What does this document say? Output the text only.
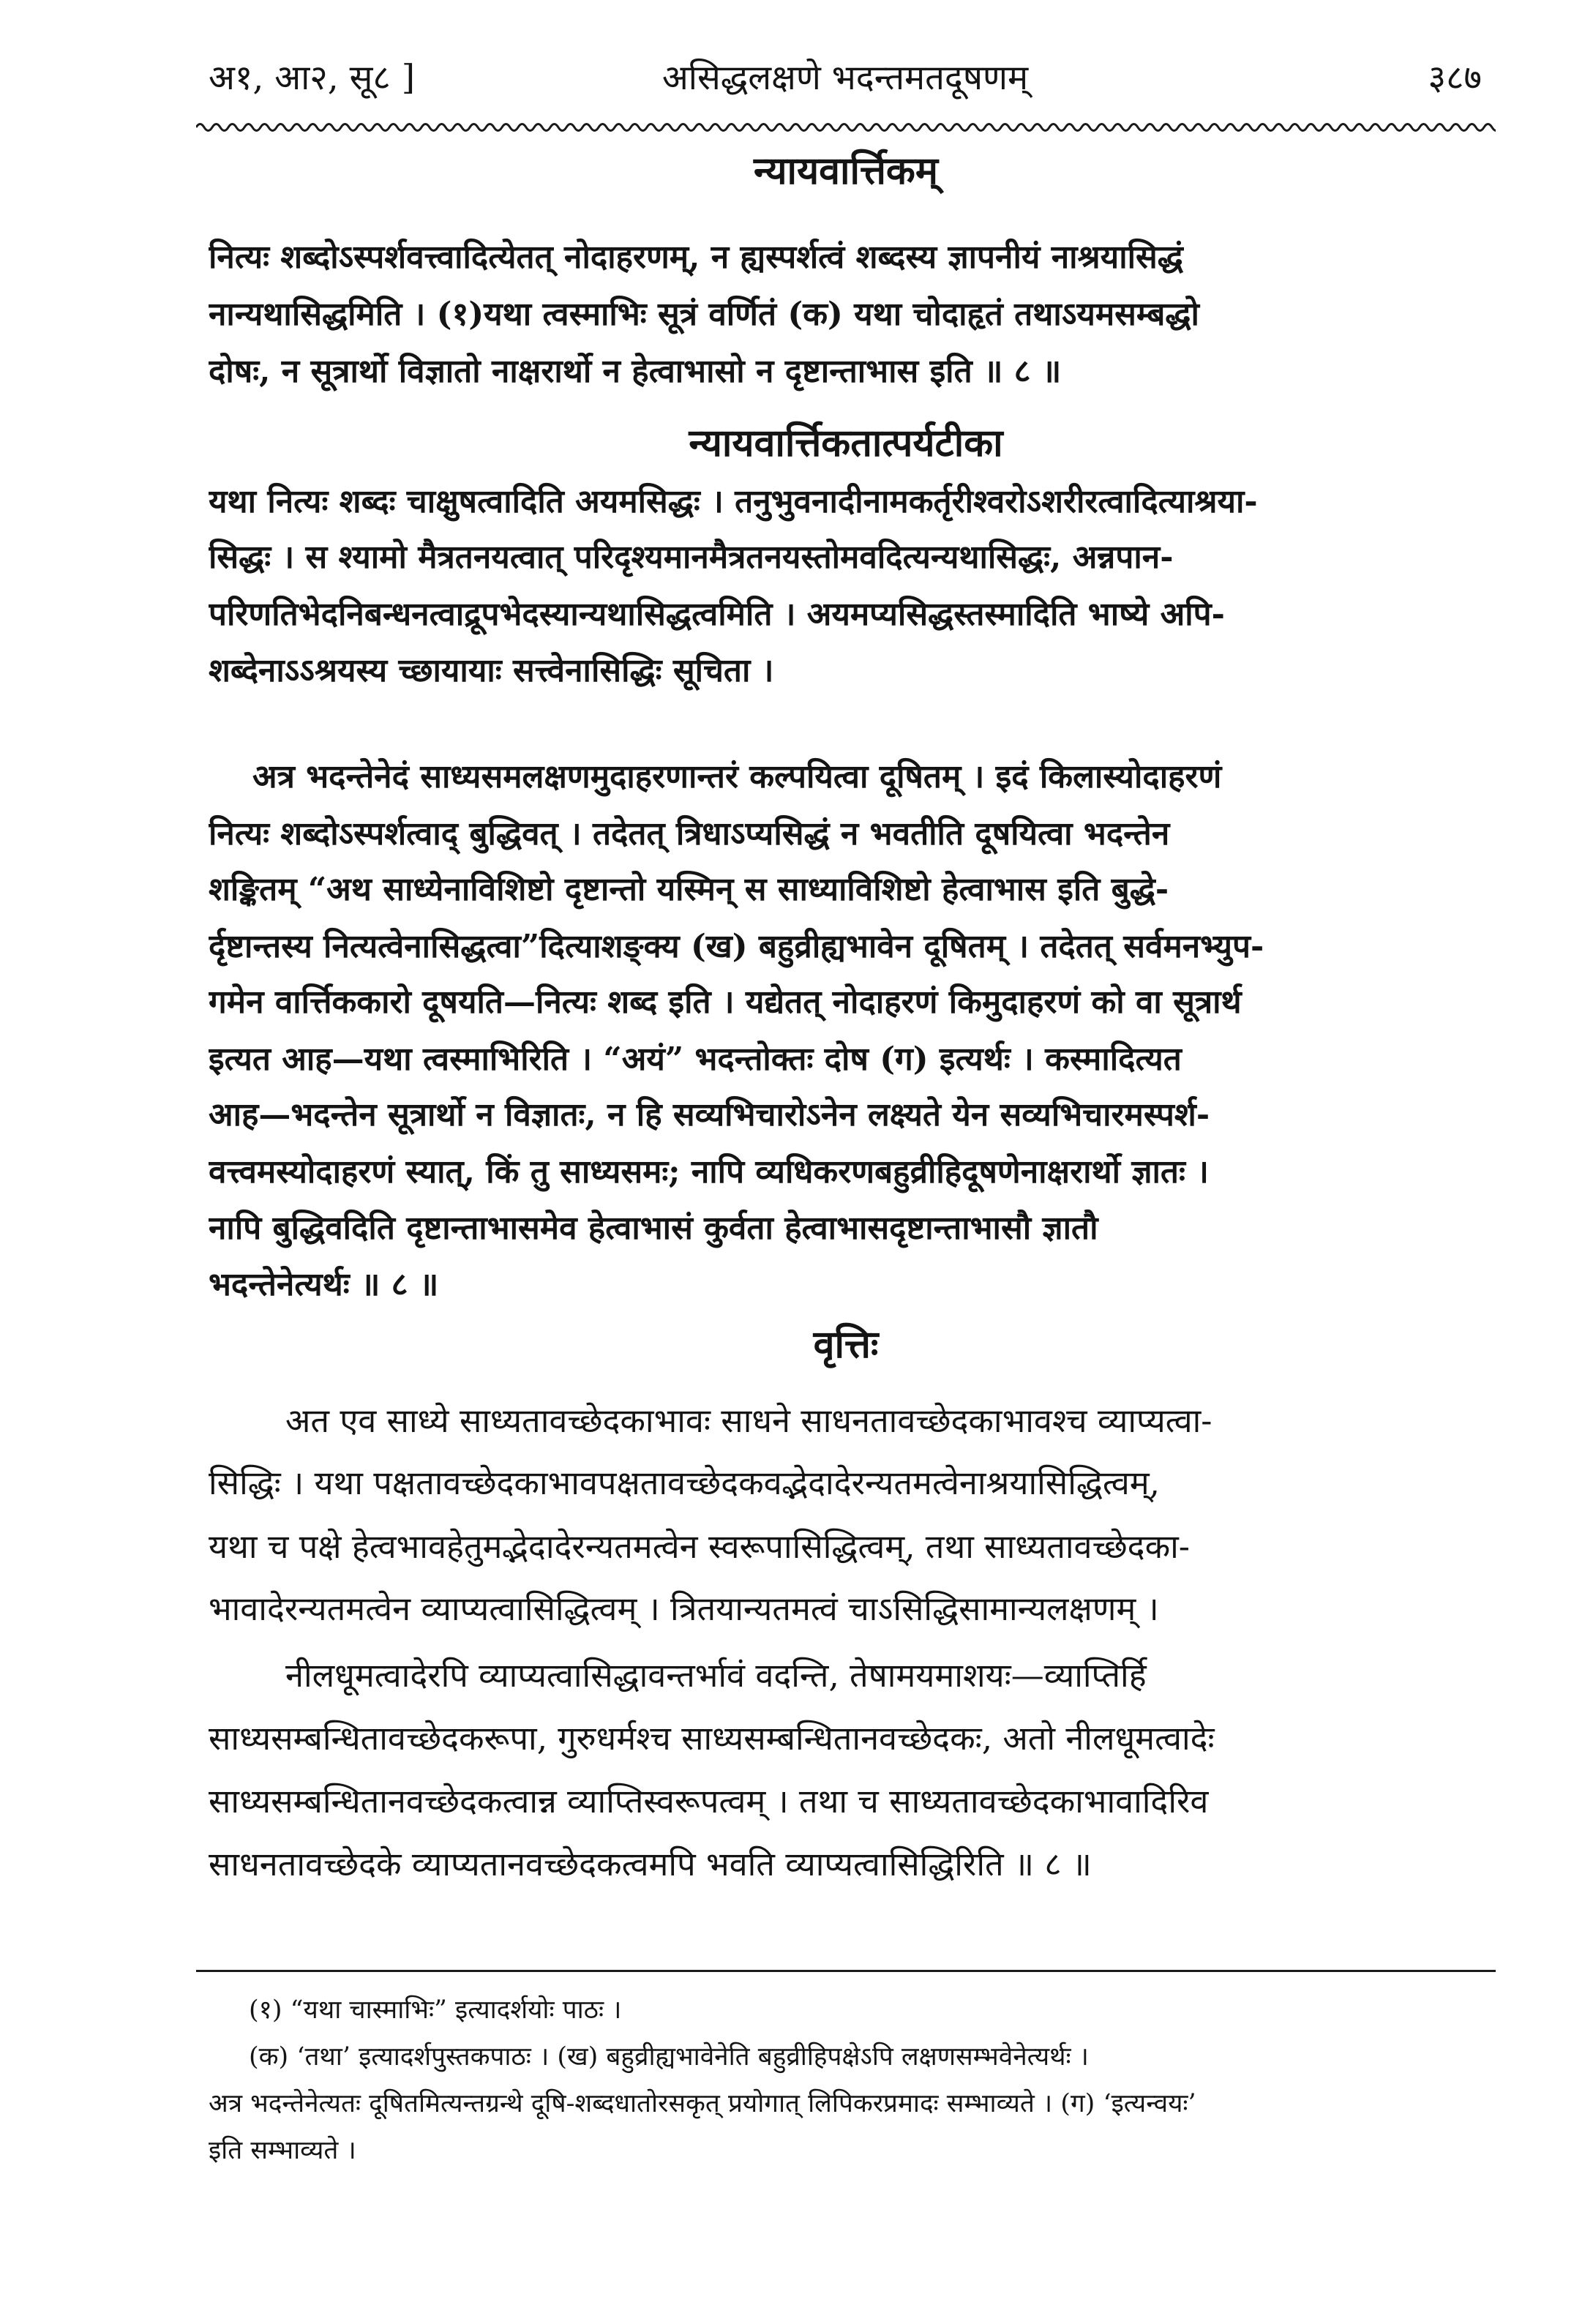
अ१, आ२, सू८ ]	असिद्धलक्षणे भदन्तमतदूषणम्	३८७
न्यायवार्त्तिकम्
नित्यः शब्दोऽस्पर्शवत्त्वादित्येतत् नोदाहरणम्, न ह्यस्पर्शत्वं शब्दस्य ज्ञापनीयं नाश्रयासिद्धं
नान्यथासिद्धमिति । (१)यथा त्वस्माभिः सूत्रं वर्णितं (क) यथा चोदाहृतं तथाऽयमसम्बद्धो
दोषः, न सूत्रार्थो विज्ञातो नाक्षरार्थो न हेत्वाभासो न दृष्टान्ताभास इति ॥ ८ ॥
न्यायवार्त्तिकतात्पर्यटीका
यथा नित्यः शब्दः चाक्षुषत्वादिति अयमसिद्धः । तनुभुवनादीनामकर्तृरीश्वरोऽशरीरत्वादित्याश्रया-
सिद्धः । स श्यामो मैत्रतनयत्वात् परिदृश्यमानमैत्रतनयस्तोमवदित्यन्यथासिद्धः, अन्नपान-
परिणतिभेदनिबन्धनत्वाद्रूपभेदस्यान्यथासिद्धत्वमिति । अयमप्यसिद्धस्तस्मादिति भाष्ये अपि-
शब्देनाऽऽश्रयस्य च्छायायाः सत्त्वेनासिद्धिः सूचिता ।
अत्र भदन्तेनेदं साध्यसमलक्षणमुदाहरणान्तरं कल्पयित्वा दूषितम् । इदं किलास्योदाहरणं
नित्यः शब्दोऽस्पर्शत्वाद् बुद्धिवत् । तदेतत् त्रिधाऽप्यसिद्धं न भवतीति दूषयित्वा भदन्तेन
शङ्कितम् “अथ साध्येनाविशिष्टो दृष्टान्तो यस्मिन् स साध्याविशिष्टो हेत्वाभास इति बुद्धे-
र्दृष्टान्तस्य नित्यत्वेनासिद्धत्वा”दित्याशङ्क्य (ख) बहुव्रीह्यभावेन दूषितम् । तदेतत् सर्वमनभ्युप-
गमेन वार्त्तिककारो दूषयति—नित्यः शब्द इति । यद्येतत् नोदाहरणं किमुदाहरणं को वा सूत्रार्थ
इत्यत आह—यथा त्वस्माभिरिति । “अयं” भदन्तोक्तः दोष (ग) इत्यर्थः । कस्मादित्यत
आह—भदन्तेन सूत्रार्थो न विज्ञातः, न हि सव्यभिचारोऽनेन लक्ष्यते येन सव्यभिचारमस्पर्श-
वत्त्वमस्योदाहरणं स्यात्, किं तु साध्यसमः; नापि व्यधिकरणबहुव्रीहिदूषणेनाक्षरार्थो ज्ञातः ।
नापि बुद्धिवदिति दृष्टान्ताभासमेव हेत्वाभासं कुर्वता हेत्वाभासदृष्टान्ताभासौ ज्ञातौ
भदन्तेनेत्यर्थः ॥ ८ ॥
वृत्तिः
अत एव साध्ये साध्यतावच्छेदकाभावः साधने साधनतावच्छेदकाभावश्च व्याप्यत्वा-
सिद्धिः । यथा पक्षतावच्छेदकाभावपक्षतावच्छेदकवद्भेदादेरन्यतमत्वेनाश्रयासिद्धित्वम्,
यथा च पक्षे हेत्वभावहेतुमद्भेदादेरन्यतमत्वेन स्वरूपासिद्धित्वम्, तथा साध्यतावच्छेदका-
भावादेरन्यतमत्वेन व्याप्यत्वासिद्धित्वम् । त्रितयान्यतमत्वं चाऽसिद्धिसामान्यलक्षणम् ।
नीलधूमत्वादेरपि व्याप्यत्वासिद्धावन्तर्भावं वदन्ति, तेषामयमाशयः—व्याप्तिर्हि
साध्यसम्बन्धितावच्छेदकरूपा, गुरुधर्मश्च साध्यसम्बन्धितानवच्छेदकः, अतो नीलधूमत्वादेः
साध्यसम्बन्धितानवच्छेदकत्वान्न व्याप्तिस्वरूपत्वम् । तथा च साध्यतावच्छेदकाभावादिरिव
साधनतावच्छेदके व्याप्यतानवच्छेदकत्वमपि भवति व्याप्यत्वासिद्धिरिति ॥ ८ ॥
(१) “यथा चास्माभिः” इत्यादर्शयोः पाठः ।
(क) ‘तथा’ इत्यादर्शपुस्तकपाठः । (ख) बहुव्रीह्यभावेनेति बहुव्रीहिपक्षेऽपि लक्षणसम्भवेनेत्यर्थः ।
अत्र भदन्तेनेत्यतः दूषितमित्यन्तग्रन्थे दूषि-शब्दधातोरसकृत् प्रयोगात् लिपिकरप्रमादः सम्भाव्यते । (ग) ‘इत्यन्वयः’
इति सम्भाव्यते ।
